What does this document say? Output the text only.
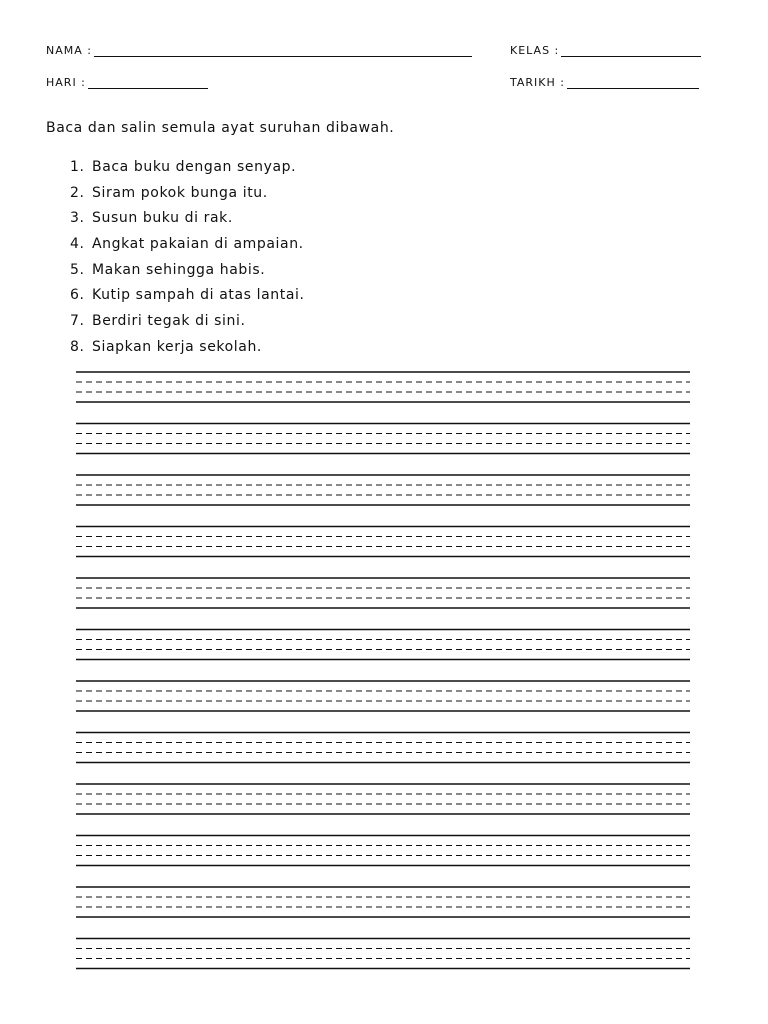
NAMA :	KELAS :
HARI :	TARIKH :
Baca dan salin semula ayat suruhan dibawah.
1. Baca buku dengan senyap.
2. Siram pokok bunga itu.
3. Susun buku di rak.
4. Angkat pakaian di ampaian.
5. Makan sehingga habis.
6. Kutip sampah di atas lantai.
7. Berdiri tegak di sini.
8. Siapkan kerja sekolah.
